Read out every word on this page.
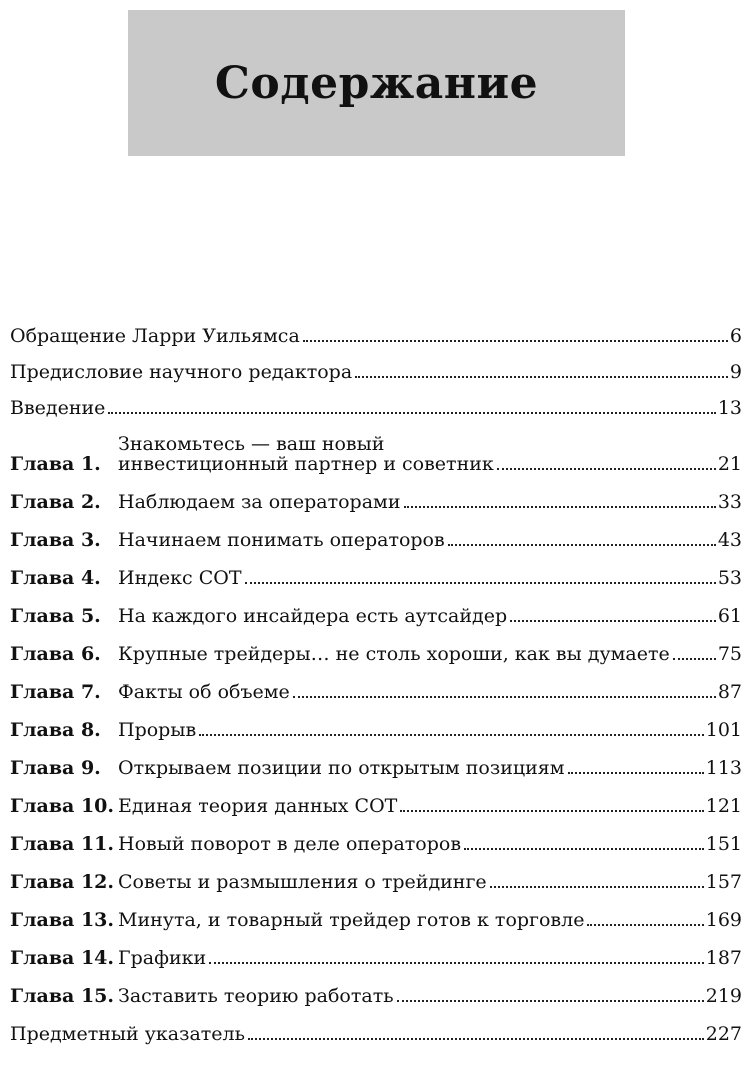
Содержание
Обращение Ларри Уильямса	6
Предисловие научного редактора	9
Введение	13
Глава 1.
Знакомьтесь — ваш новый
инвестиционный партнер и советник	21
Глава 2. Наблюдаем за операторами	33
Глава 3. Начинаем понимать операторов	43
Глава 4. Индекс СОТ	53
Глава 5. На каждого инсайдера есть аутсайдер	61
Глава 6. Крупные трейдеры… не столь хороши, как вы думаете	75
Глава 7. Факты об объеме	87
Глава 8. Прорыв	101
Глава 9. Открываем позиции по открытым позициям	113
Глава 10. Единая теория данных СОТ	121
Глава 11. Новый поворот в деле операторов	151
Глава 12. Советы и размышления о трейдинге	157
Глава 13. Минута, и товарный трейдер готов к торговле	169
Глава 14. Графики	187
Глава 15. Заставить теорию работать	219
Предметный указатель	227
